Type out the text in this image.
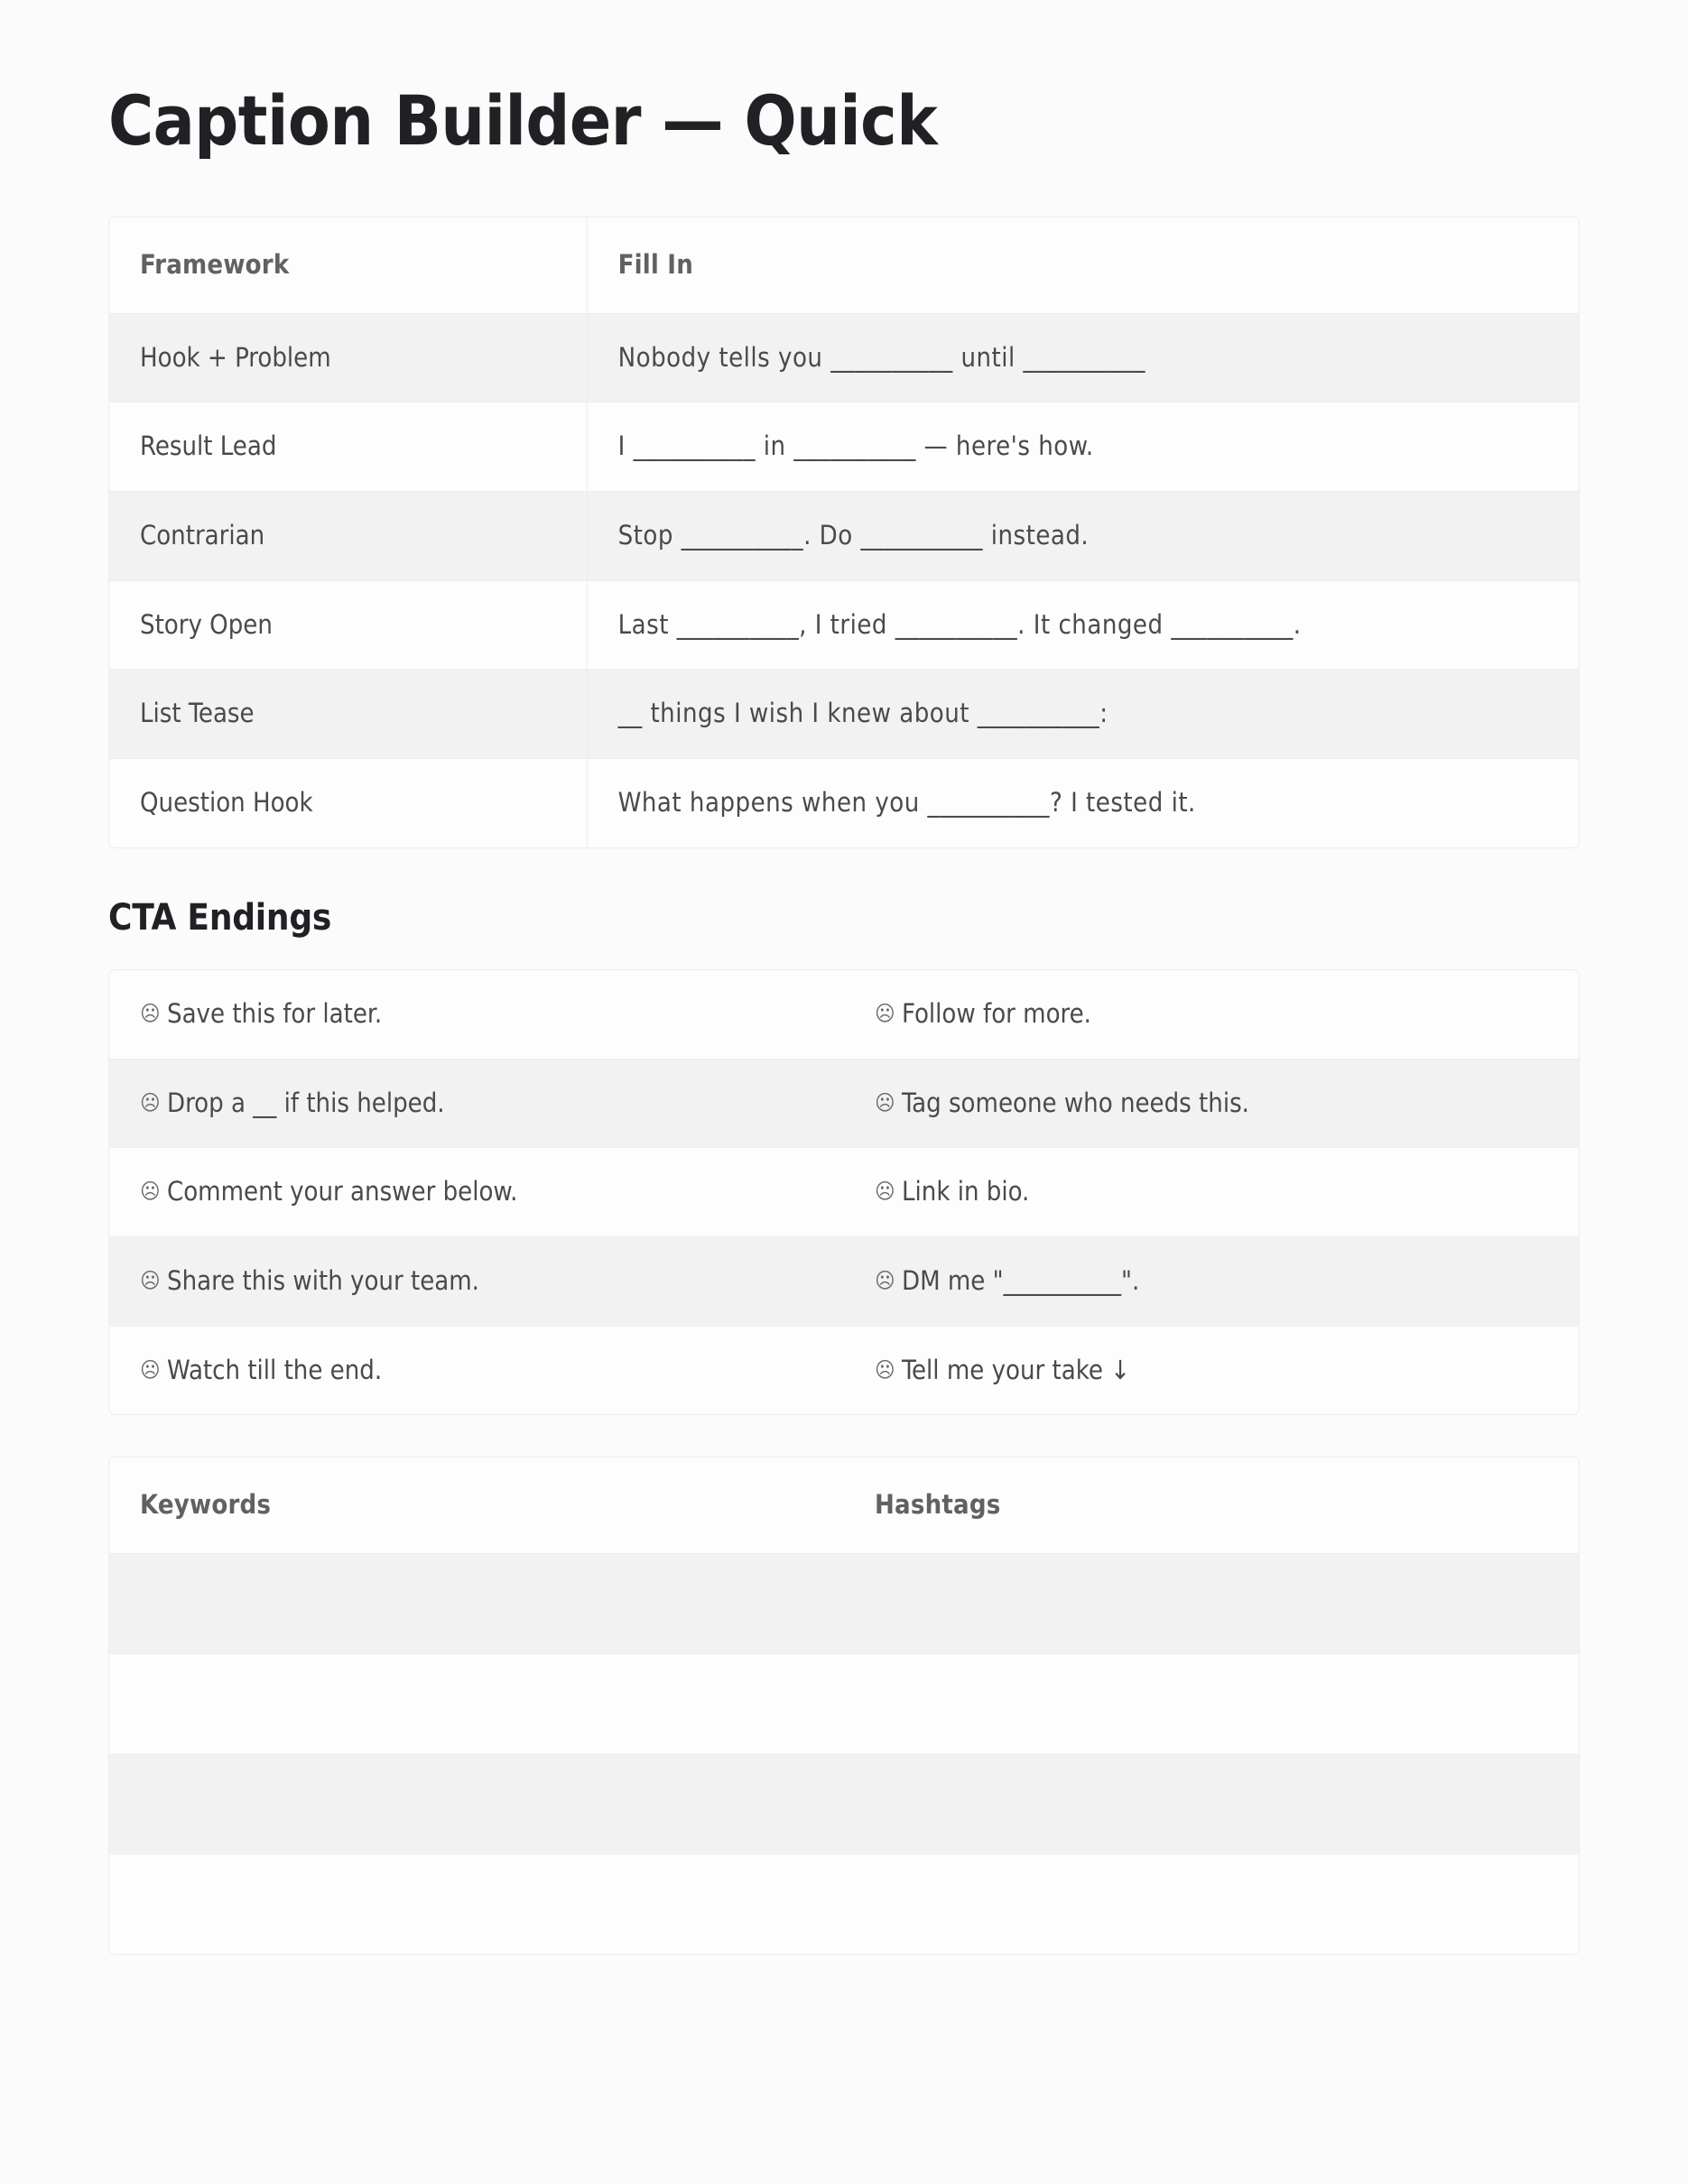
Caption Builder — Quick
Framework	Fill In
Hook + Problem	Nobody tells you __________ until __________
Result Lead	I __________ in __________ — here's how.
Contrarian	Stop __________. Do __________ instead.
Story Open	Last __________, I tried __________. It changed __________.
List Tease	__ things I wish I knew about __________:
Question Hook	What happens when you __________? I tested it.
CTA Endings
☹ Save this for later.	☹ Follow for more.
☹ Drop a __ if this helped.	☹ Tag someone who needs this.
☹ Comment your answer below.	☹ Link in bio.
☹ Share this with your team.	☹ DM me "__________".
☹ Watch till the end.	☹ Tell me your take ↓
Keywords	Hashtags
